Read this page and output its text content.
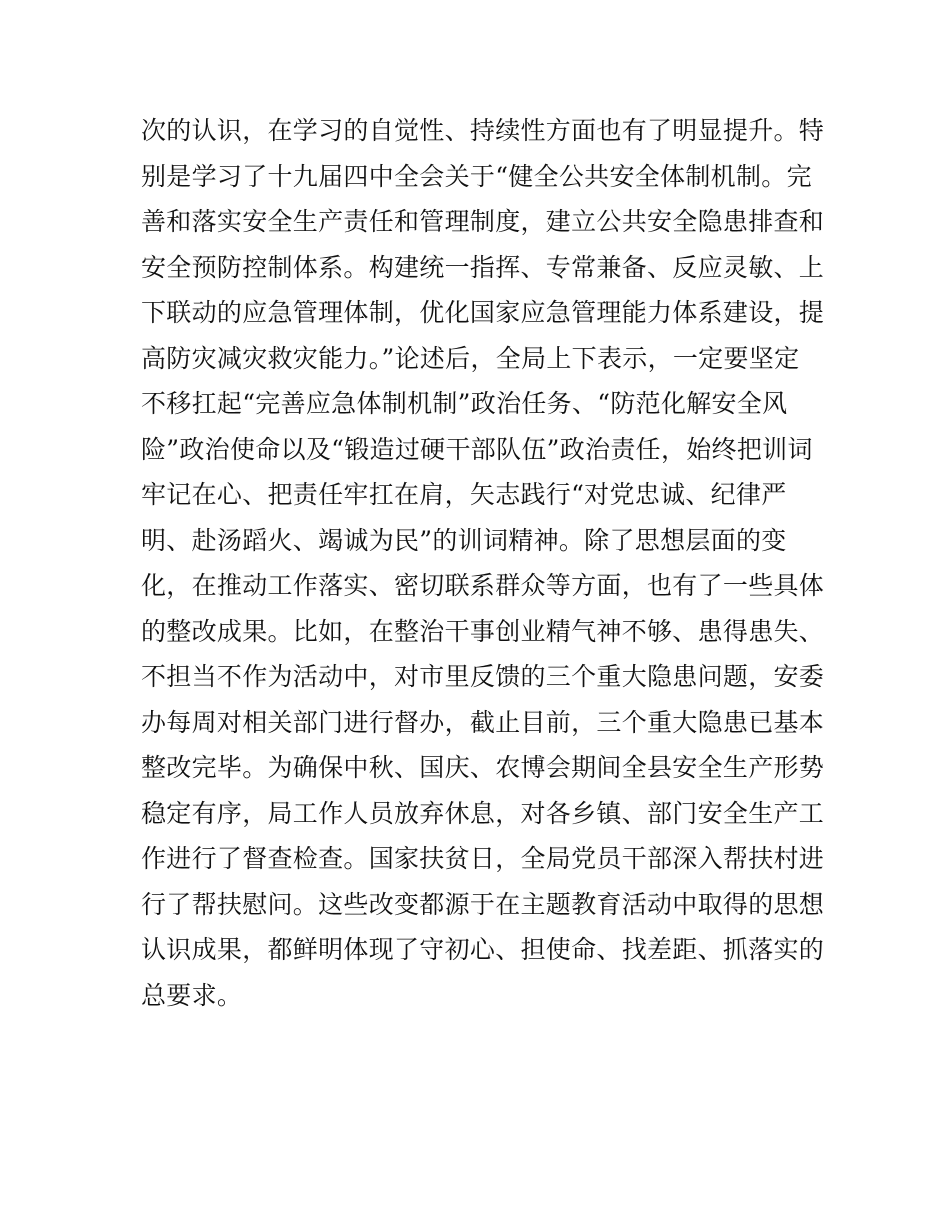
次的认识，在学习的自觉性、持续性方面也有了明显提升。特
别是学习了十九届四中全会关于“健全公共安全体制机制。完
善和落实安全生产责任和管理制度，建立公共安全隐患排查和
安全预防控制体系。构建统一指挥、专常兼备、反应灵敏、上
下联动的应急管理体制，优化国家应急管理能力体系建设，提
高防灾减灾救灾能力。”论述后，全局上下表示，一定要坚定
不移扛起“完善应急体制机制”政治任务、“防范化解安全风
险”政治使命以及“锻造过硬干部队伍”政治责任，始终把训词
牢记在心、把责任牢扛在肩，矢志践行“对党忠诚、纪律严
明、赴汤蹈火、竭诚为民”的训词精神。除了思想层面的变
化，在推动工作落实、密切联系群众等方面，也有了一些具体
的整改成果。比如，在整治干事创业精气神不够、患得患失、
不担当不作为活动中，对市里反馈的三个重大隐患问题，安委
办每周对相关部门进行督办，截止目前，三个重大隐患已基本
整改完毕。为确保中秋、国庆、农博会期间全县安全生产形势
稳定有序，局工作人员放弃休息，对各乡镇、部门安全生产工
作进行了督查检查。国家扶贫日，全局党员干部深入帮扶村进
行了帮扶慰问。这些改变都源于在主题教育活动中取得的思想
认识成果，都鲜明体现了守初心、担使命、找差距、抓落实的
总要求。
